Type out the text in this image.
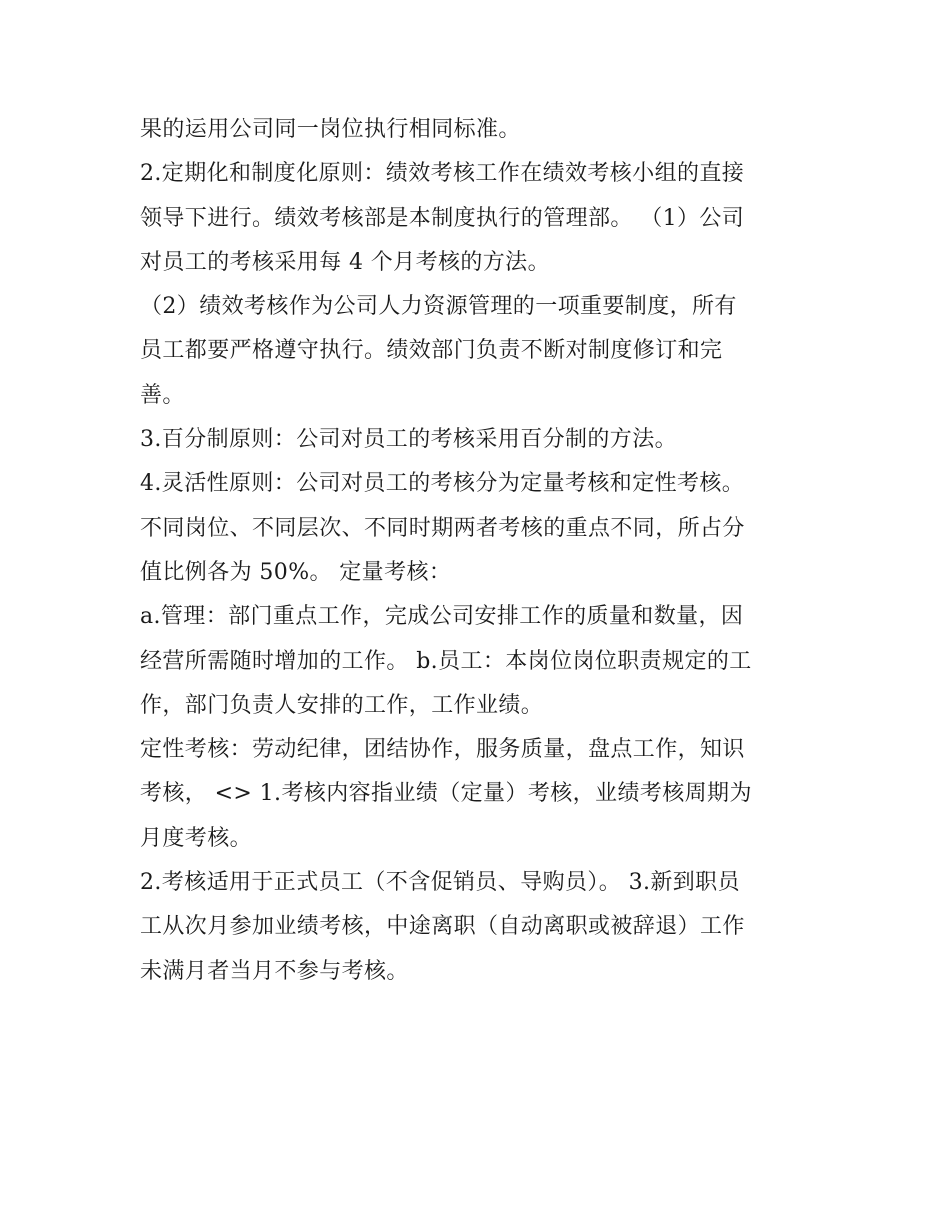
果的运用公司同一岗位执行相同标准。
2.定期化和制度化原则：绩效考核工作在绩效考核小组的直接
领导下进行。绩效考核部是本制度执行的管理部。 （1）公司
对员工的考核采用每 4 个月考核的方法。
（2）绩效考核作为公司人力资源管理的一项重要制度，所有
员工都要严格遵守执行。绩效部门负责不断对制度修订和完
善。
3.百分制原则：公司对员工的考核采用百分制的方法。
4.灵活性原则：公司对员工的考核分为定量考核和定性考核。
不同岗位、不同层次、不同时期两者考核的重点不同，所占分
值比例各为 50%。 定量考核：
a.管理：部门重点工作，完成公司安排工作的质量和数量，因
经营所需随时增加的工作。 b.员工：本岗位岗位职责规定的工
作，部门负责人安排的工作，工作业绩。
定性考核：劳动纪律，团结协作，服务质量，盘点工作，知识
考核， <> 1.考核内容指业绩（定量）考核，业绩考核周期为
月度考核。
2.考核适用于正式员工（不含促销员、导购员）。 3.新到职员
工从次月参加业绩考核，中途离职（自动离职或被辞退）工作
未满月者当月不参与考核。
